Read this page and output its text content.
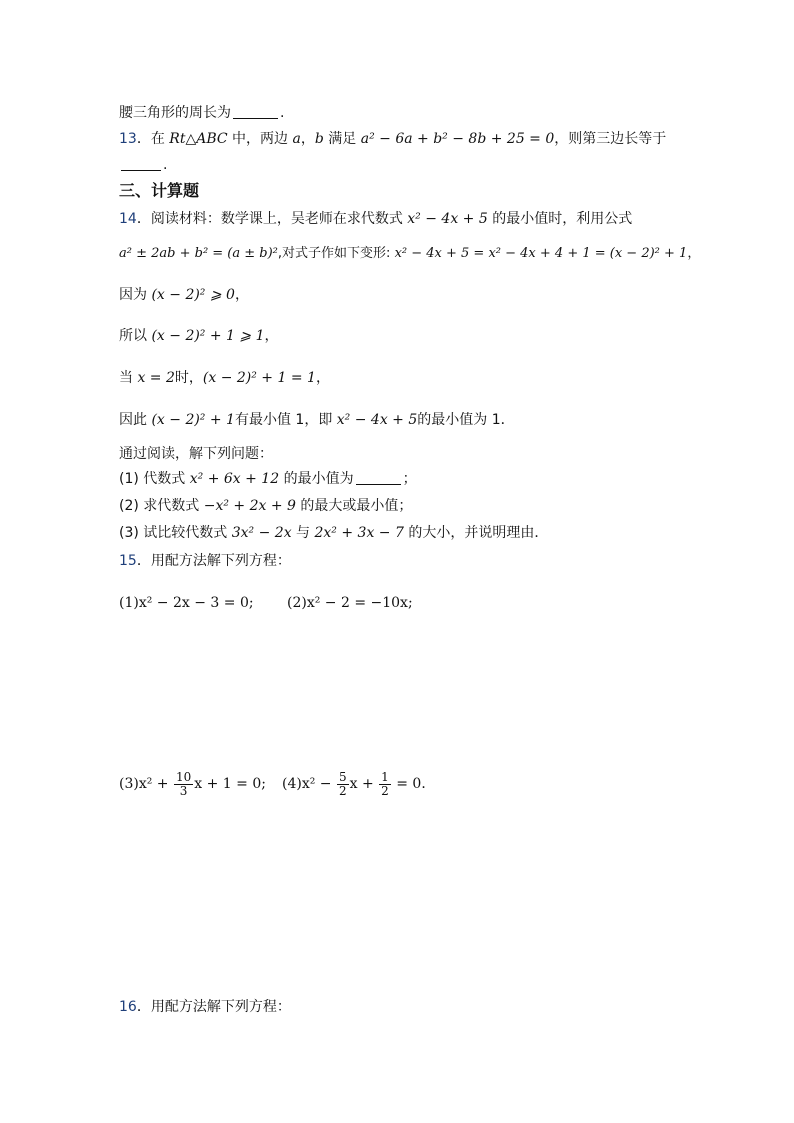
腰三角形的周长为	.
13．在 Rt△ABC 中，两边 a，b 满足 a² − 6a + b² − 8b + 25 = 0，则第三边长等于
.
三、计算题
14．阅读材料：数学课上，吴老师在求代数式 x² − 4x + 5 的最小值时，利用公式
a² ± 2ab + b² = (a ± b)²,对式子作如下变形: x² − 4x + 5 = x² − 4x + 4 + 1 = (x − 2)² + 1，
因为 (x − 2)² ⩾ 0，
所以 (x − 2)² + 1 ⩾ 1，
当 x = 2时，(x − 2)² + 1 = 1，
因此 (x − 2)² + 1有最小值 1，即 x² − 4x + 5的最小值为 1．
通过阅读，解下列问题：
(1) 代数式 x² + 6x + 12 的最小值为	；
(2) 求代数式 −x² + 2x + 9 的最大或最小值；
(3) 试比较代数式 3x² − 2x 与 2x² + 3x − 7 的大小，并说明理由．
15．用配方法解下列方程：
(1)x² − 2x − 3 = 0; (2)x² − 2 = −10x;
$(3)x^2 + \frac{10}{3}$ x + 1 = 0; $(4)x^2 - \frac{5}{2}$ $x + \frac{1}{2} = 0$．
16．用配方法解下列方程：
